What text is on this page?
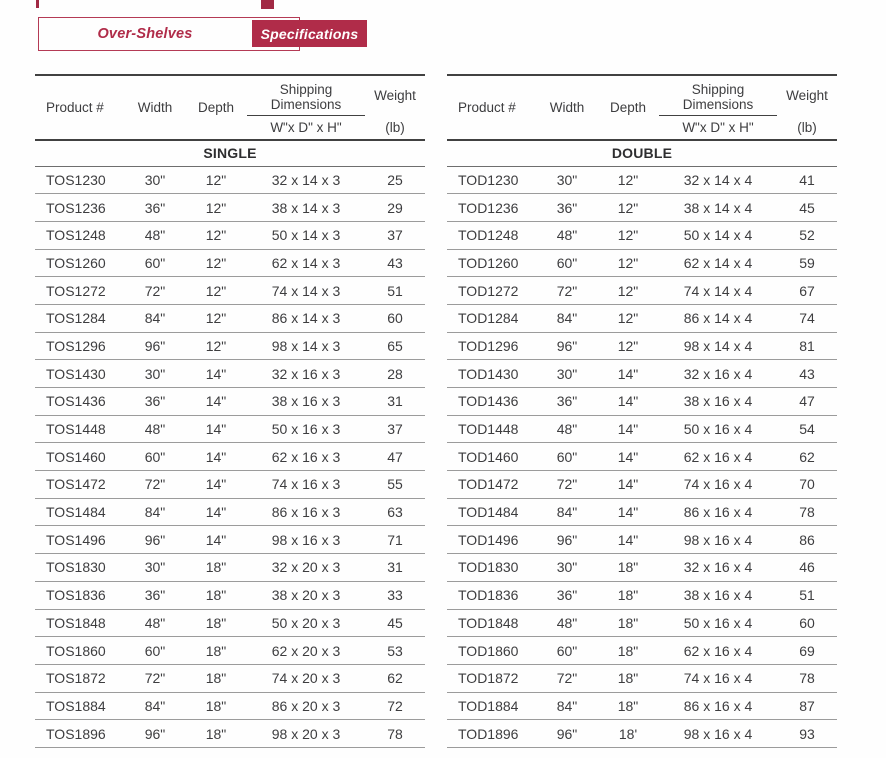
Over-Shelves	Specifications
Product #	Width	Depth	Shipping Dimensions	Weight
			W"x D" x H"	(lb)
SINGLE				
TOS1230	30"	12"	32 x 14 x 3	25
TOS1236	36"	12"	38 x 14 x 3	29
TOS1248	48"	12"	50 x 14 x 3	37
TOS1260	60"	12"	62 x 14 x 3	43
TOS1272	72"	12"	74 x 14 x 3	51
TOS1284	84"	12"	86 x 14 x 3	60
TOS1296	96"	12"	98 x 14 x 3	65
TOS1430	30"	14"	32 x 16 x 3	28
TOS1436	36"	14"	38 x 16 x 3	31
TOS1448	48"	14"	50 x 16 x 3	37
TOS1460	60"	14"	62 x 16 x 3	47
TOS1472	72"	14"	74 x 16 x 3	55
TOS1484	84"	14"	86 x 16 x 3	63
TOS1496	96"	14"	98 x 16 x 3	71
TOS1830	30"	18"	32 x 20 x 3	31
TOS1836	36"	18"	38 x 20 x 3	33
TOS1848	48"	18"	50 x 20 x 3	45
TOS1860	60"	18"	62 x 20 x 3	53
TOS1872	72"	18"	74 x 20 x 3	62
TOS1884	84"	18"	86 x 20 x 3	72
TOS1896	96"	18"	98 x 20 x 3	78
Product #	Width	Depth	Shipping Dimensions	Weight
			W"x D" x H"	(lb)
DOUBLE				
TOD1230	30"	12"	32 x 14 x 4	41
TOD1236	36"	12"	38 x 14 x 4	45
TOD1248	48"	12"	50 x 14 x 4	52
TOD1260	60"	12"	62 x 14 x 4	59
TOD1272	72"	12"	74 x 14 x 4	67
TOD1284	84"	12"	86 x 14 x 4	74
TOD1296	96"	12"	98 x 14 x 4	81
TOD1430	30"	14"	32 x 16 x 4	43
TOD1436	36"	14"	38 x 16 x 4	47
TOD1448	48"	14"	50 x 16 x 4	54
TOD1460	60"	14"	62 x 16 x 4	62
TOD1472	72"	14"	74 x 16 x 4	70
TOD1484	84"	14"	86 x 16 x 4	78
TOD1496	96"	14"	98 x 16 x 4	86
TOD1830	30"	18"	32 x 16 x 4	46
TOD1836	36"	18"	38 x 16 x 4	51
TOD1848	48"	18"	50 x 16 x 4	60
TOD1860	60"	18"	62 x 16 x 4	69
TOD1872	72"	18"	74 x 16 x 4	78
TOD1884	84"	18"	86 x 16 x 4	87
TOD1896	96"	18'	98 x 16 x 4	93
